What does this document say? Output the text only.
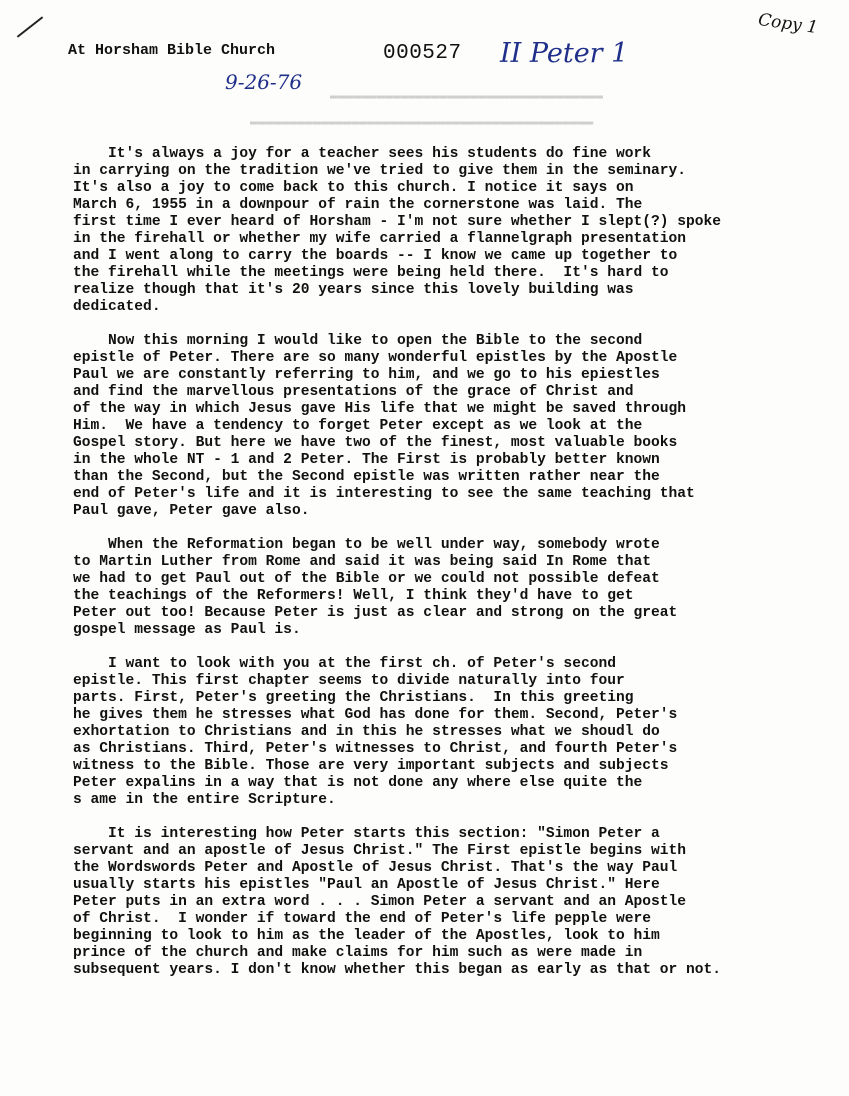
▬▬▬▬▬▬▬▬▬▬▬▬▬▬▬▬▬▬▬▬▬▬▬▬▬▬▬▬▬▬▬▬▬▬▬
▬▬▬▬▬▬▬▬▬▬▬▬▬▬▬▬▬▬▬▬▬▬▬▬▬▬▬▬▬▬▬▬▬▬▬▬▬▬▬▬▬▬▬▬
At Horsham Bible Church	000527 II Peter 1
9-26-76
Copy 1

It's always a joy for a teacher sees his students do fine work
in carrying on the tradition we've tried to give them in the seminary.
It's also a joy to come back to this church. I notice it says on
March 6, 1955 in a downpour of rain the cornerstone was laid. The
first time I ever heard of Horsham - I'm not sure whether I slept(?) spoke
in the firehall or whether my wife carried a flannelgraph presentation
and I went along to carry the boards -- I know we came up together to
the firehall while the meetings were being held there.  It's hard to
realize though that it's 20 years since this lovely building was
dedicated.

Now this morning I would like to open the Bible to the second
epistle of Peter. There are so many wonderful epistles by the Apostle
Paul we are constantly referring to him, and we go to his epiestles
and find the marvellous presentations of the grace of Christ and
of the way in which Jesus gave His life that we might be saved through
Him.  We have a tendency to forget Peter except as we look at the
Gospel story. But here we have two of the finest, most valuable books
in the whole NT - 1 and 2 Peter. The First is probably better known
than the Second, but the Second epistle was written rather near the
end of Peter's life and it is interesting to see the same teaching that
Paul gave, Peter gave also.

When the Reformation began to be well under way, somebody wrote
to Martin Luther from Rome and said it was being said In Rome that
we had to get Paul out of the Bible or we could not possible defeat
the teachings of the Reformers! Well, I think they'd have to get
Peter out too! Because Peter is just as clear and strong on the great
gospel message as Paul is.

I want to look with you at the first ch. of Peter's second
epistle. This first chapter seems to divide naturally into four
parts. First, Peter's greeting the Christians.  In this greeting
he gives them he stresses what God has done for them. Second, Peter's
exhortation to Christians and in this he stresses what we shoudl do
as Christians. Third, Peter's witnesses to Christ, and fourth Peter's
witness to the Bible. Those are very important subjects and subjects
Peter expalins in a way that is not done any where else quite the
s ame in the entire Scripture.

It is interesting how Peter starts this section: "Simon Peter a
servant and an apostle of Jesus Christ." The First epistle begins with
the Wordswords Peter and Apostle of Jesus Christ. That's the way Paul
usually starts his epistles "Paul an Apostle of Jesus Christ." Here
Peter puts in an extra word . . . Simon Peter a servant and an Apostle
of Christ.  I wonder if toward the end of Peter's life pepple were
beginning to look to him as the leader of the Apostles, look to him
prince of the church and make claims for him such as were made in
subsequent years. I don't know whether this began as early as that or not.
